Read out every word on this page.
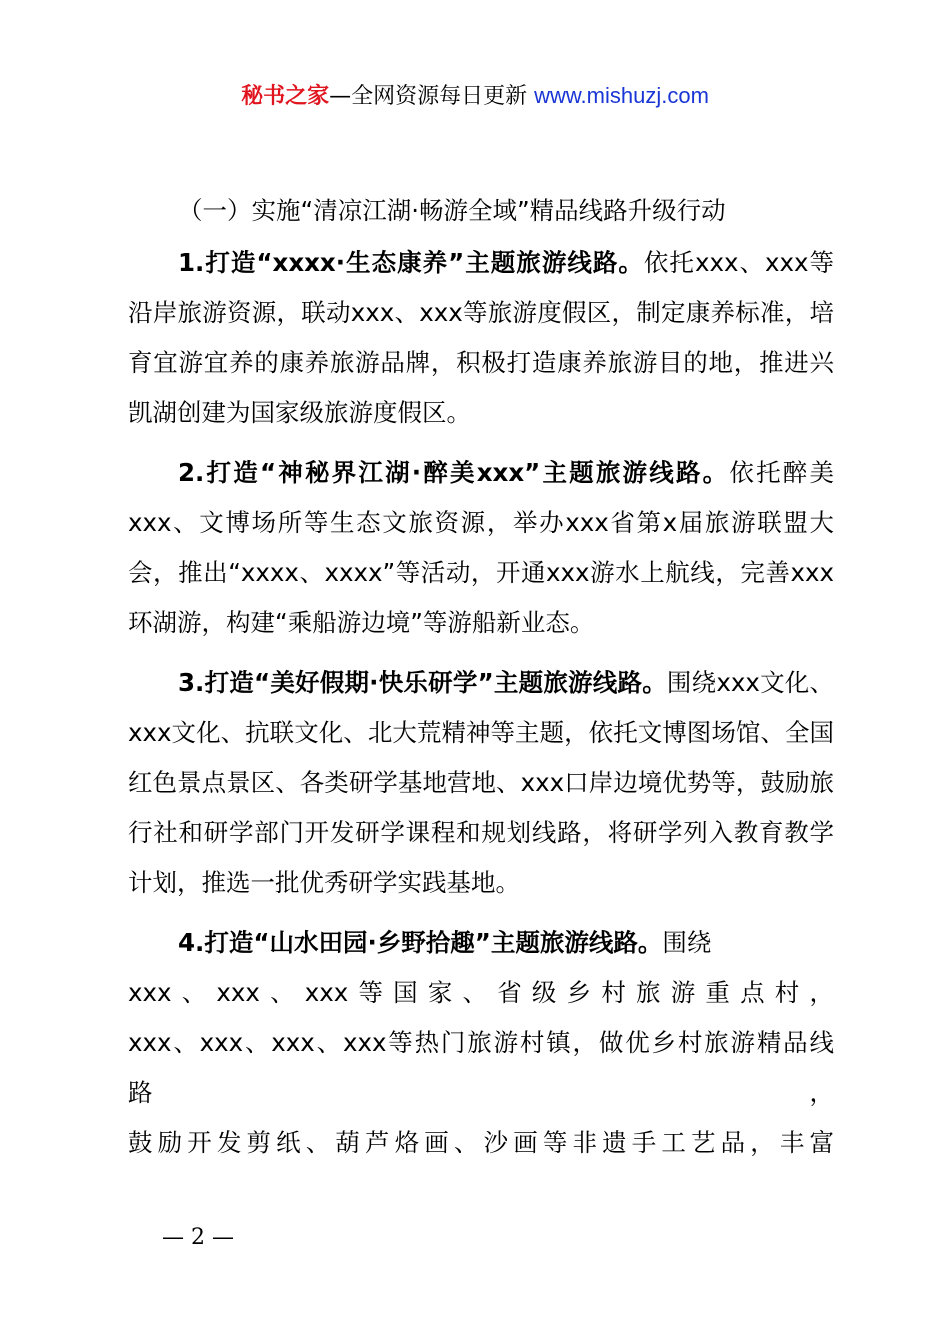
秘书之家—全网资源每日更新 www.mishuzj.com
（一）实施“清凉江湖·畅游全域”精品线路升级行动

1.打造“xxxx·生态康养”主题旅游线路。依托xxx、xxx等沿岸旅游资源，联动xxx、xxx等旅游度假区，制定康养标准，培育宜游宜养的康养旅游品牌，积极打造康养旅游目的地，推进兴凯湖创建为国家级旅游度假区。

2.打造“神秘界江湖·醉美xxx”主题旅游线路。依托醉美xxx、文博场所等生态文旅资源，举办xxx省第x届旅游联盟大会，推出“xxxx、xxxx”等活动，开通xxx游水上航线，完善xxx环湖游，构建“乘船游边境”等游船新业态。

3.打造“美好假期·快乐研学”主题旅游线路。围绕xxx文化、xxx文化、抗联文化、北大荒精神等主题，依托文博图场馆、全国红色景点景区、各类研学基地营地、xxx口岸边境优势等，鼓励旅行社和研学部门开发研学课程和规划线路，将研学列入教育教学计划，推选一批优秀研学实践基地。

4.打造“山水田园·乡野拾趣”主题旅游线路。围绕

xxx、xxx、xxx等国家、省级乡村旅游重点村，
xxx、xxx、xxx、xxx等热门旅游村镇，做优乡村旅游精品线路，
鼓励开发剪纸、葫芦烙画、沙画等非遗手工艺品，丰富
— 2 —
